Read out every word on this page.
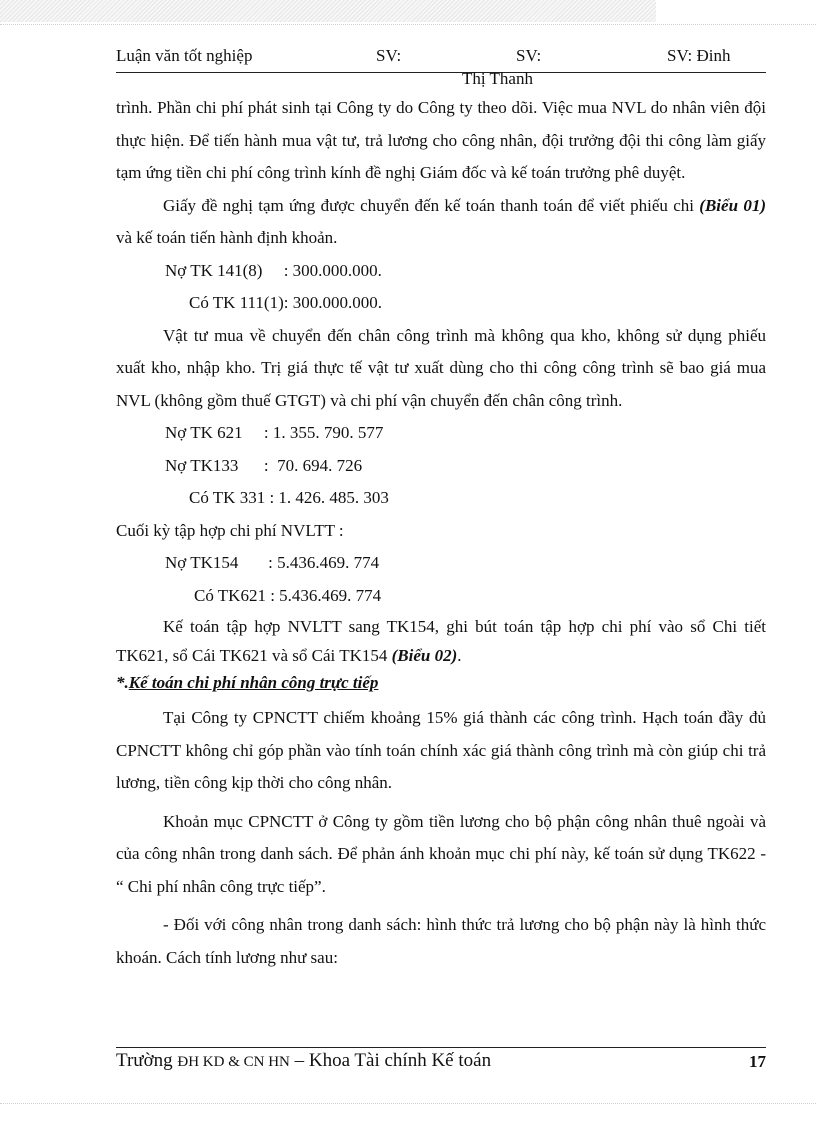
Luận văn tốt nghiệp	SV:	SV:	SV: Đinh
Thị Thanh

trình. Phần chi phí phát sinh tại Công ty do Công ty theo dõi. Việc mua NVL do nhân viên đội thực hiện. Để tiến hành mua vật tư, trả lương cho công nhân, đội trưởng đội thi công làm giấy tạm ứng tiền chi phí công trình kính đề nghị Giám đốc và kế toán trưởng phê duyệt.

Giấy đề nghị tạm ứng được chuyển đến kế toán thanh toán để viết phiếu chi (Biểu 01) và kế toán tiến hành định khoản.

Nợ TK 141(8)     : 300.000.000.

Có TK 111(1): 300.000.000.

Vật tư mua về chuyển đến chân công trình mà không qua kho, không sử dụng phiếu xuất kho, nhập kho. Trị giá thực tế vật tư xuất dùng cho thi công công trình sẽ bao giá mua NVL (không gồm thuế GTGT) và chi phí vận chuyển đến chân công trình.

Nợ TK 621     : 1. 355. 790. 577

Nợ TK133      :  70. 694. 726

Có TK 331 : 1. 426. 485. 303

Cuối kỳ tập hợp chi phí NVLTT :

Nợ TK154       : 5.436.469. 774

Có TK621 : 5.436.469. 774

Kế toán tập hợp NVLTT sang TK154, ghi bút toán tập hợp chi phí vào sổ Chi tiết TK621, sổ Cái TK621 và sổ Cái TK154 (Biểu 02).

*.Kế toán chi phí nhân công trực tiếp

Tại Công ty CPNCTT chiếm khoảng 15% giá thành các công trình. Hạch toán đầy đủ CPNCTT không chỉ góp phần vào tính toán chính xác giá thành công trình mà còn giúp chi trả lương, tiền công kịp thời cho công nhân.

Khoản mục CPNCTT ở Công ty gồm tiền lương cho bộ phận công nhân thuê ngoài và của công nhân trong danh sách. Để phản ánh khoản mục chi phí này, kế toán sử dụng TK622 - “ Chi phí nhân công trực tiếp”.

- Đối với công nhân trong danh sách: hình thức trả lương cho bộ phận này là hình thức khoán. Cách tính lương như sau:

Trường ĐH KD & CN HN – Khoa Tài chính Kế toán	17
